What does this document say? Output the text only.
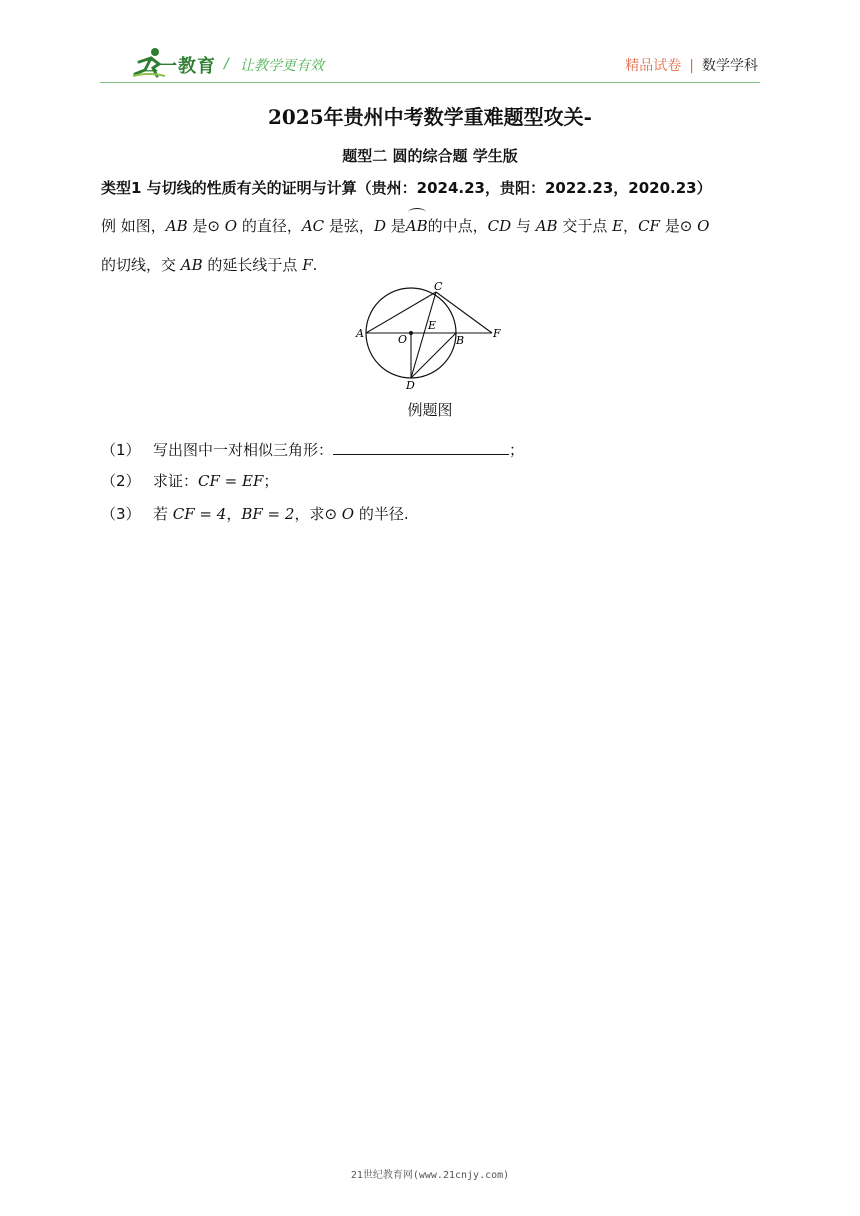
二一教育 / 让教学更有效	精品试卷 | 数学学科
2025年贵州中考数学重难题型攻关-
题型二 圆的综合题 学生版
类型1 与切线的性质有关的证明与计算（贵州：2024.23，贵阳：2022.23，2020.23）
例 如图，AB 是⊙ O 的直径，AC 是弦，D 是AB的中点，CD 与 AB 交于点 E，CF 是⊙ O
的切线，交 AB 的延长线于点 F.
A
C
E
O	B
F
D
例题图
（1） 写出图中一对相似三角形：	；
（2） 求证：CF = EF；
（3） 若 CF = 4，BF = 2，求⊙ O 的半径.
21世纪教育网(www.21cnjy.com)
